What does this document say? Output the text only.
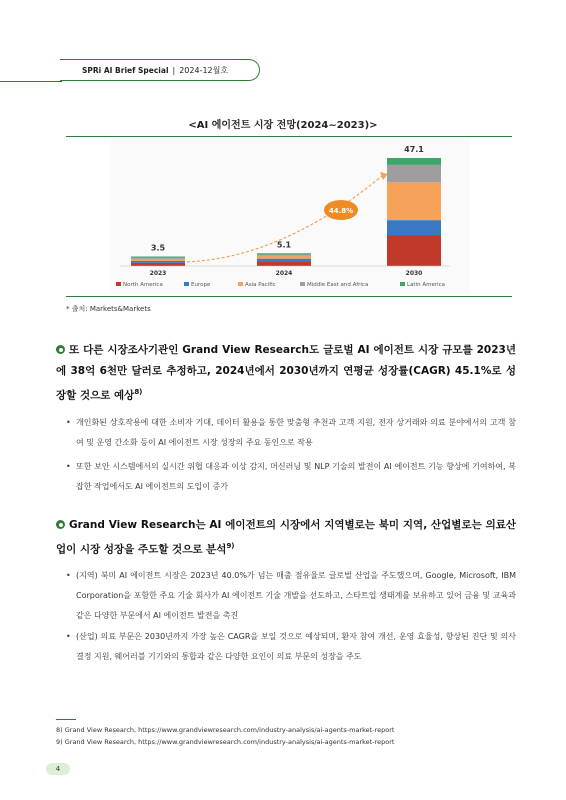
SPRi AI Brief Special | 2024-12월호
<AI 에이전트 시장 전망(2024~2023)>
3.5
2023
5.1
2024
47.1
2030
44.8%
North America	Europe	Asia Pacific	Middle East and Africa	Latin America
* 출처: Markets&Markets
또 다른 시장조사기관인 Grand View Research도 글로벌 AI 에이전트 시장 규모를 2023년에 38억 6천만 달러로 추정하고, 2024년에서 2030년까지 연평균 성장률(CAGR) 45.1%로 성장할 것으로 예상$^{8)}$
• 개인화된 상호작용에 대한 소비자 기대, 데이터 활용을 통한 맞춤형 추천과 고객 지원, 전자 상거래와 의료 분야에서의 고객 참여 및 운영 간소화 등이 AI 에이전트 시장 성장의 주요 동인으로 작용
• 또한 보안 시스템에서의 실시간 위협 대응과 이상 감지, 머신러닝 및 NLP 기술의 발전이 AI 에이전트 기능 향상에 기여하여, 복잡한 작업에서도 AI 에이전트의 도입이 증가
Grand View Research는 AI 에이전트의 시장에서 지역별로는 북미 지역, 산업별로는 의료산업이 시장 성장을 주도할 것으로 분석$^{9)}$
• (지역) 북미 AI 에이전트 시장은 2023년 40.0%가 넘는 매출 점유율로 글로벌 산업을 주도했으며, Google, Microsoft, IBM Corporation을 포함한 주요 기술 회사가 AI 에이전트 기술 개발을 선도하고, 스타트업 생태계를 보유하고 있어 금융 및 교육과 같은 다양한 부문에서 AI 에이전트 발전을 촉진
• (산업) 의료 부문은 2030년까지 가장 높은 CAGR을 보일 것으로 예상되며, 환자 참여 개선, 운영 효율성, 향상된 진단 및 의사 결정 지원, 웨어러블 기기와의 통합과 같은 다양한 요인이 의료 부문의 성장을 주도
8) Grand View Research, https://www.grandviewresearch.com/industry-analysis/ai-agents-market-report
9) Grand View Research, https://www.grandviewresearch.com/industry-analysis/ai-agents-market-report
4
